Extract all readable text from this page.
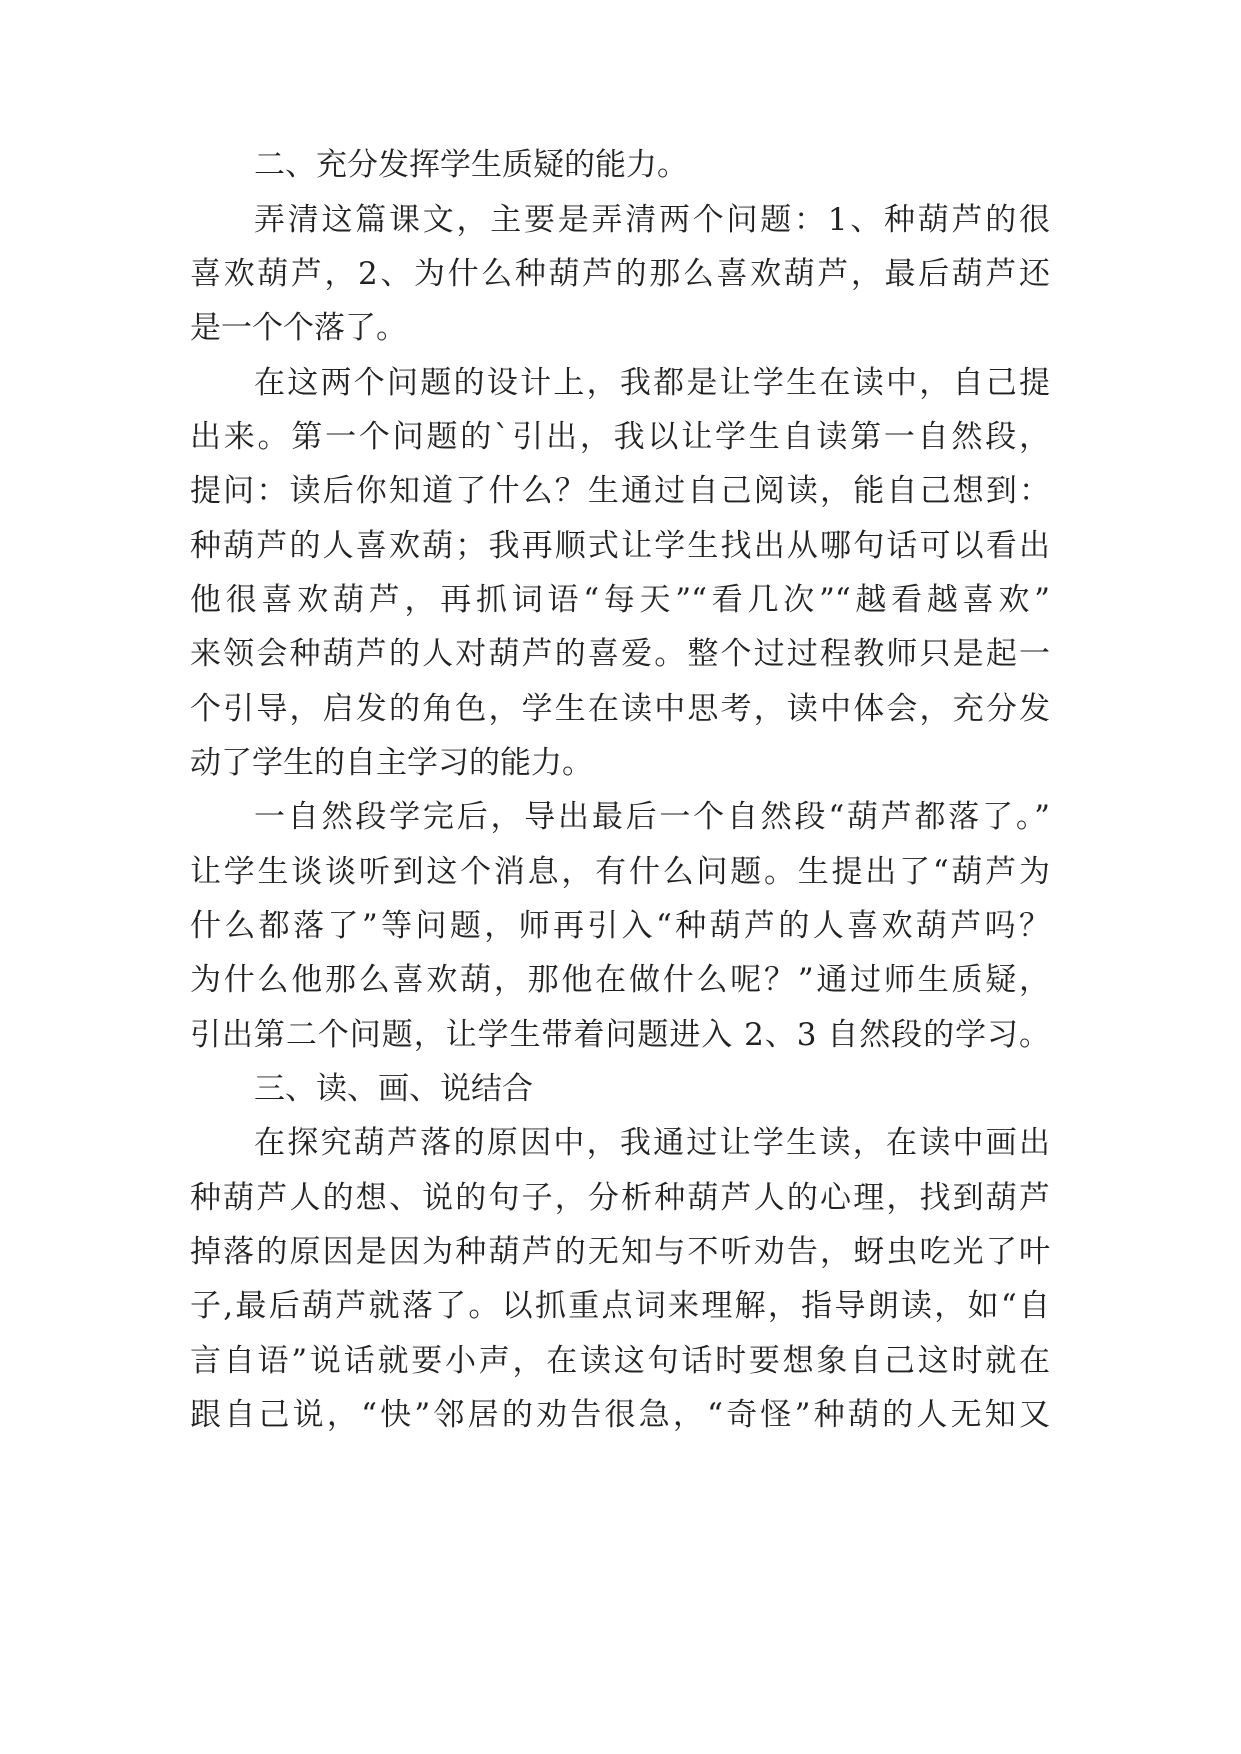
二、充分发挥学生质疑的能力。
弄清这篇课文，主要是弄清两个问题：1、种葫芦的很
喜欢葫芦，2、为什么种葫芦的那么喜欢葫芦，最后葫芦还
是一个个落了。
在这两个问题的设计上，我都是让学生在读中，自己提
出来。第一个问题的`引出，我以让学生自读第一自然段，
提问：读后你知道了什么？生通过自己阅读，能自己想到：
种葫芦的人喜欢葫；我再顺式让学生找出从哪句话可以看出
他很喜欢葫芦，再抓词语“每天”“看几次”“越看越喜欢”
来领会种葫芦的人对葫芦的喜爱。整个过过程教师只是起一
个引导，启发的角色，学生在读中思考，读中体会，充分发
动了学生的自主学习的能力。
一自然段学完后，导出最后一个自然段“葫芦都落了。”
让学生谈谈听到这个消息，有什么问题。生提出了“葫芦为
什么都落了”等问题，师再引入“种葫芦的人喜欢葫芦吗？
为什么他那么喜欢葫，那他在做什么呢？”通过师生质疑，
引出第二个问题，让学生带着问题进入 2、3 自然段的学习。
三、读、画、说结合
在探究葫芦落的原因中，我通过让学生读，在读中画出
种葫芦人的想、说的句子，分析种葫芦人的心理，找到葫芦
掉落的原因是因为种葫芦的无知与不听劝告，蚜虫吃光了叶
子,最后葫芦就落了。以抓重点词来理解，指导朗读，如“自
言自语”说话就要小声，在读这句话时要想象自己这时就在
跟自己说，“快”邻居的劝告很急，“奇怪”种葫的人无知又
